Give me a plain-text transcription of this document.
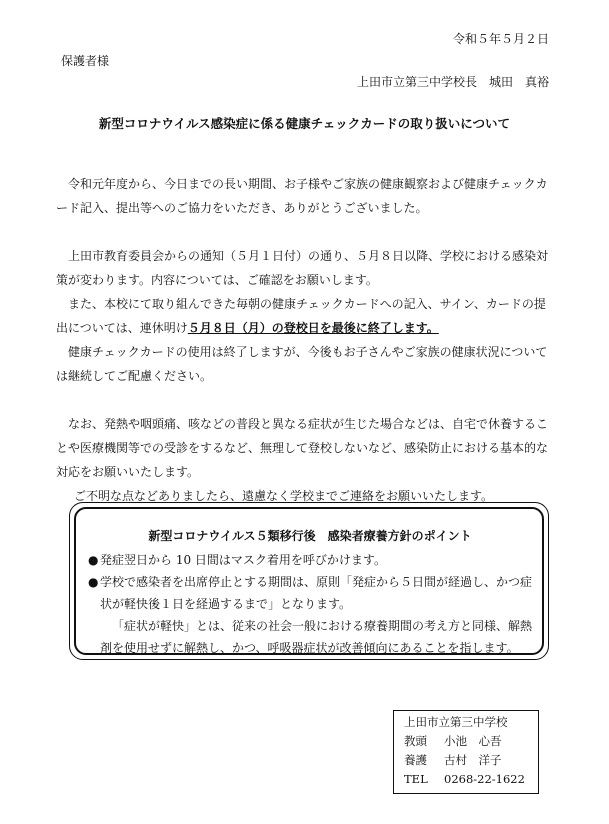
令和５年５月２日
保護者様
上田市立第三中学校長　城田　真裕
新型コロナウイルス感染症に係る健康チェックカードの取り扱いについて

令和元年度から、今日までの長い期間、お子様やご家族の健康観察および健康チェックカード記入、提出等へのご協力をいただき、ありがとうございました。

上田市教育委員会からの通知（５月１日付）の通り、５月８日以降、学校における感染対策が変わります。内容については、ご確認をお願いします。

また、本校にて取り組んできた毎朝の健康チェックカードへの記入、サイン、カードの提出については、連休明け５月８日（月）の登校日を最後に終了します。

健康チェックカードの使用は終了しますが、今後もお子さんやご家族の健康状況については継続してご配慮ください。

なお、発熱や咽頭痛、咳などの普段と異なる症状が生じた場合などは、自宅で休養することや医療機関等での受診をするなど、無理して登校しないなど、感染防止における基本的な対応をお願いいたします。

ご不明な点などありましたら、遠慮なく学校までご連絡をお願いいたします。

新型コロナウイルス５類移行後　感染者療養方針のポイント
● 発症翌日から 10 日間はマスク着用を呼びかけます。
● 学校で感染者を出席停止とする期間は、原則「発症から５日間が経過し、かつ症状が軽快後１日を経過するまで」となります。
「症状が軽快」とは、従来の社会一般における療養期間の考え方と同様、解熱剤を使用せずに解熱し、かつ、呼吸器症状が改善傾向にあることを指します。
上田市立第三中学校
教頭	小池　心吾
養護	古村　洋子
TEL	0268-22-1622
